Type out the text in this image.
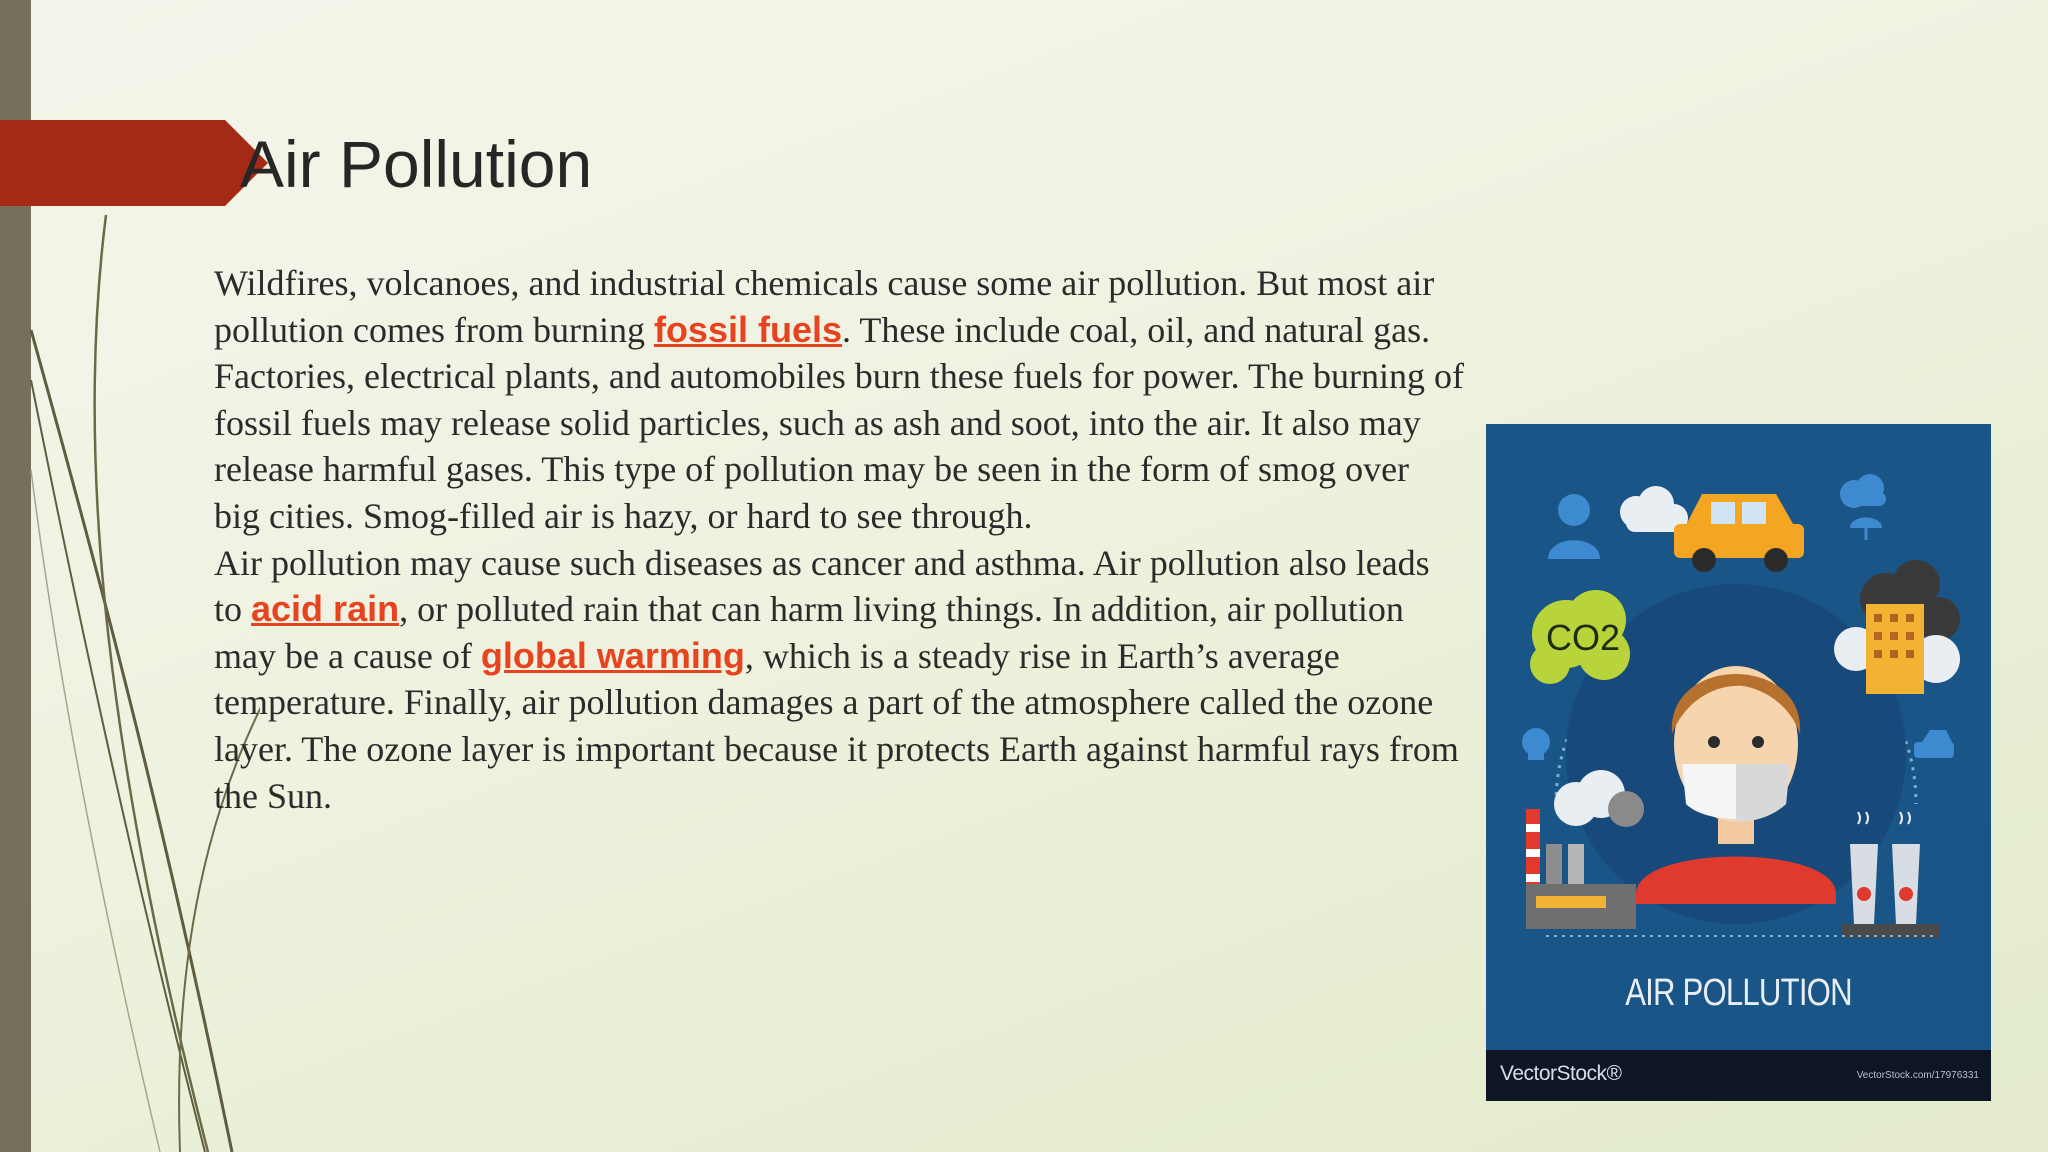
Air Pollution

Wildfires, volcanoes, and industrial chemicals cause some air pollution. But most air pollution comes from burning fossil fuels. These include coal, oil, and natural gas. Factories, electrical plants, and automobiles burn these fuels for power. The burning of fossil fuels may release solid particles, such as ash and soot, into the air. It also may release harmful gases. This type of pollution may be seen in the form of smog over big cities. Smog-filled air is hazy, or hard to see through.

Air pollution may cause such diseases as cancer and asthma. Air pollution also leads to acid rain, or polluted rain that can harm living things. In addition, air pollution may be a cause of global warming, which is a steady rise in Earth’s average temperature. Finally, air pollution damages a part of the atmosphere called the ozone layer. The ozone layer is important because it protects Earth against harmful rays from the Sun.

CO2
AIR POLLUTION
VectorStock®	VectorStock.com/17976331
